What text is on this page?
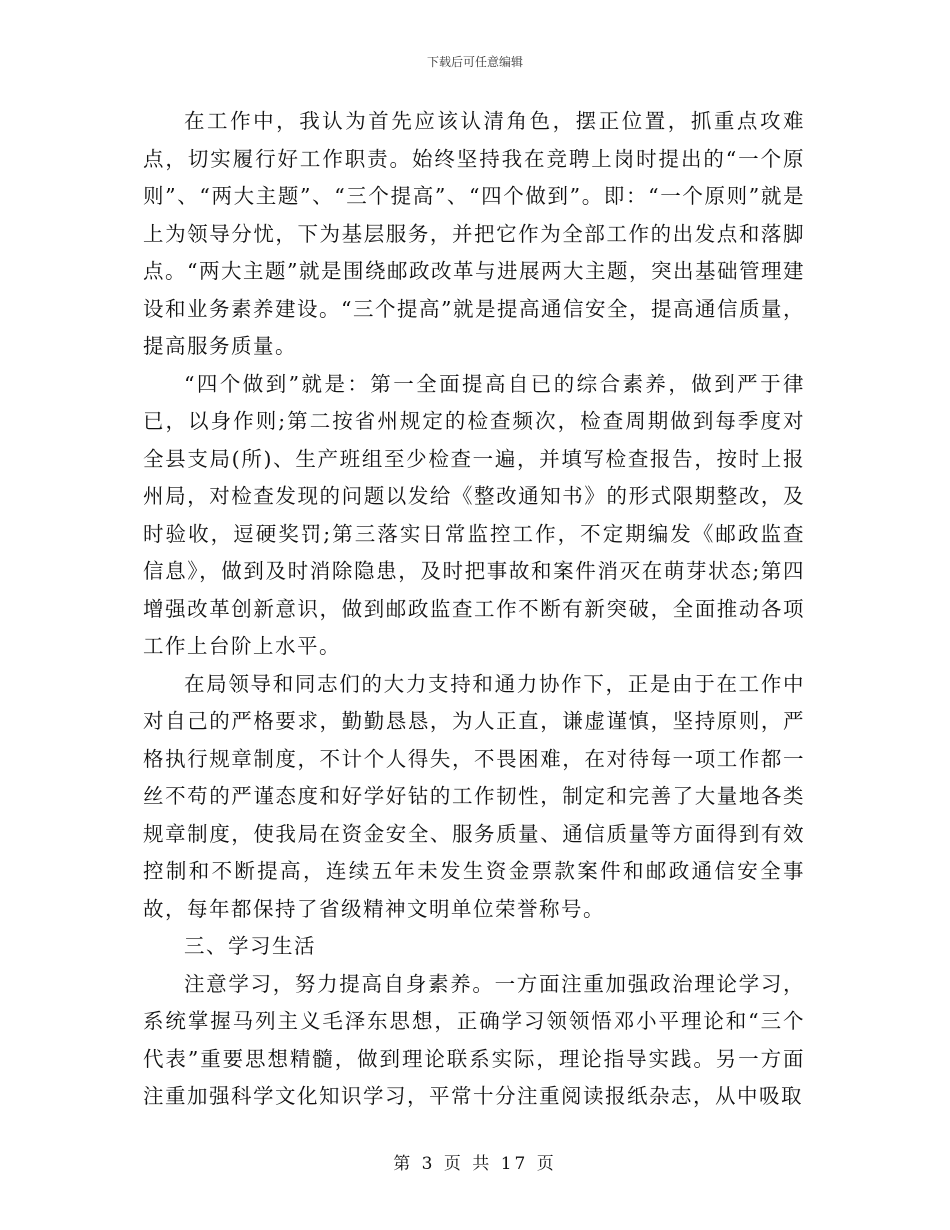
下载后可任意编辑

在工作中，我认为首先应该认清角色，摆正位置，抓重点攻难点，切实履行好工作职责。始终坚持我在竞聘上岗时提出的“一个原则”、“两大主题”、“三个提高”、“四个做到”。即：“一个原则”就是上为领导分忧，下为基层服务，并把它作为全部工作的出发点和落脚点。“两大主题”就是围绕邮政改革与进展两大主题，突出基础管理建设和业务素养建设。“三个提高”就是提高通信安全，提高通信质量，提高服务质量。

“四个做到”就是：第一全面提高自已的综合素养，做到严于律已，以身作则;第二按省州规定的检查频次，检查周期做到每季度对全县支局(所)、生产班组至少检查一遍，并填写检查报告，按时上报州局，对检查发现的问题以发给《整改通知书》的形式限期整改，及时验收，逗硬奖罚;第三落实日常监控工作，不定期编发《邮政监查信息》，做到及时消除隐患，及时把事故和案件消灭在萌芽状态;第四增强改革创新意识，做到邮政监查工作不断有新突破，全面推动各项工作上台阶上水平。

在局领导和同志们的大力支持和通力协作下，正是由于在工作中对自己的严格要求，勤勤恳恳，为人正直，谦虚谨慎，坚持原则，严格执行规章制度，不计个人得失，不畏困难，在对待每一项工作都一丝不苟的严谨态度和好学好钻的工作韧性，制定和完善了大量地各类规章制度，使我局在资金安全、服务质量、通信质量等方面得到有效控制和不断提高，连续五年未发生资金票款案件和邮政通信安全事故，每年都保持了省级精神文明单位荣誉称号。

三、学习生活

注意学习，努力提高自身素养。一方面注重加强政治理论学习，系统掌握马列主义毛泽东思想，正确学习领领悟邓小平理论和“三个代表”重要思想精髓，做到理论联系实际，理论指导实践。另一方面注重加强科学文化知识学习，平常十分注重阅读报纸杂志，从中吸取

第 3 页 共 17 页
